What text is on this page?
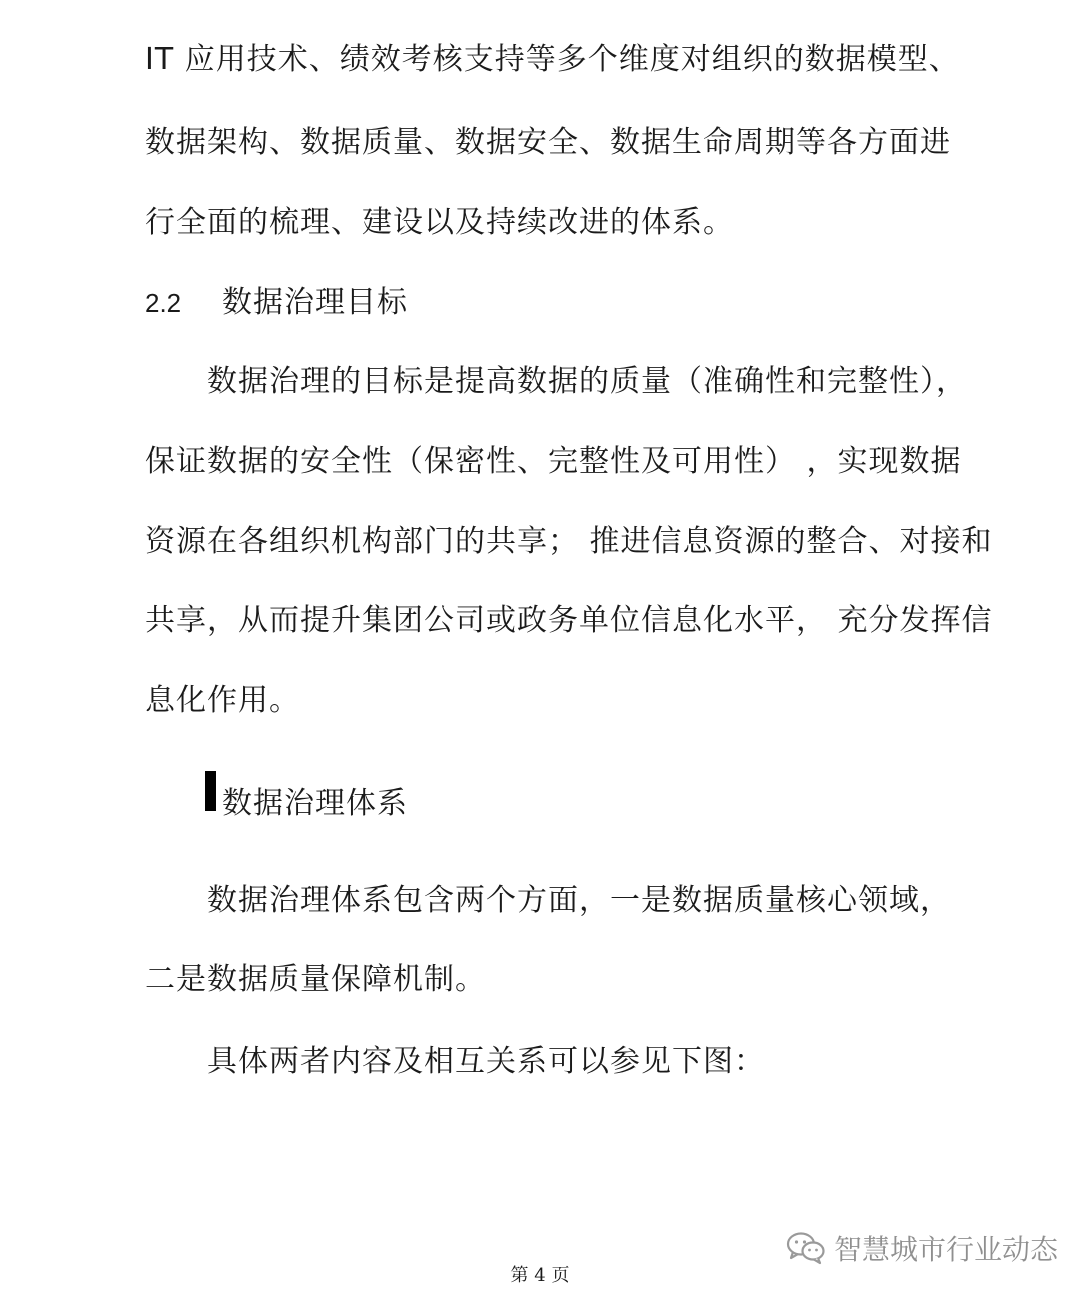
IT 应用技术、绩效考核支持等多个维度对组织的数据模型、
数据架构、数据质量、数据安全、数据生命周期等各方面进
行全面的梳理、建设以及持续改进的体系。
2.2 数据治理目标
数据治理的目标是提高数据的质量（准确性和完整性），
保证数据的安全性（保密性、完整性及可用性） ，实现数据
资源在各组织机构部门的共享； 推进信息资源的整合、对接和
共享，从而提升集团公司或政务单位信息化水平， 充分发挥信
息化作用。
数据治理体系
数据治理体系包含两个方面，一是数据质量核心领域，
二是数据质量保障机制。
具体两者内容及相互关系可以参见下图：
智慧城市行业动态
第 4 页
